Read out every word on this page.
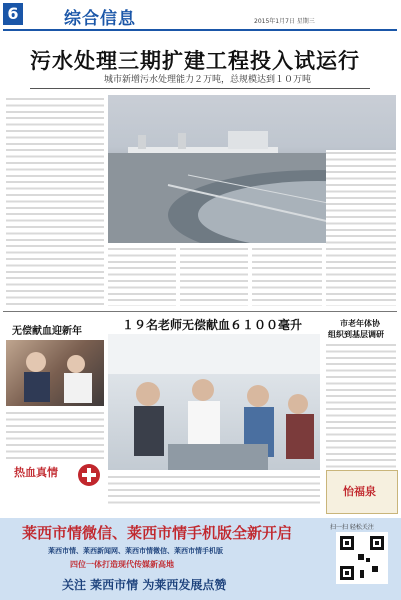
6	综合信息	2015年1月7日 星期三
污水处理三期扩建工程投入试运行
城市新增污水处理能力２万吨，总规模达到１０万吨
无偿献血迎新年
热血真情
１９名老师无偿献血６１００毫升	市老年体协
组织到基层调研
怡福泉
莱西市情微信、莱西市情手机版全新开启
莱西市情、莱西新闻网、莱西市情微信、莱西市情手机版
四位一体打造现代传媒新高地
关注 莱西市情 为莱西发展点赞
扫一扫 轻松关注
